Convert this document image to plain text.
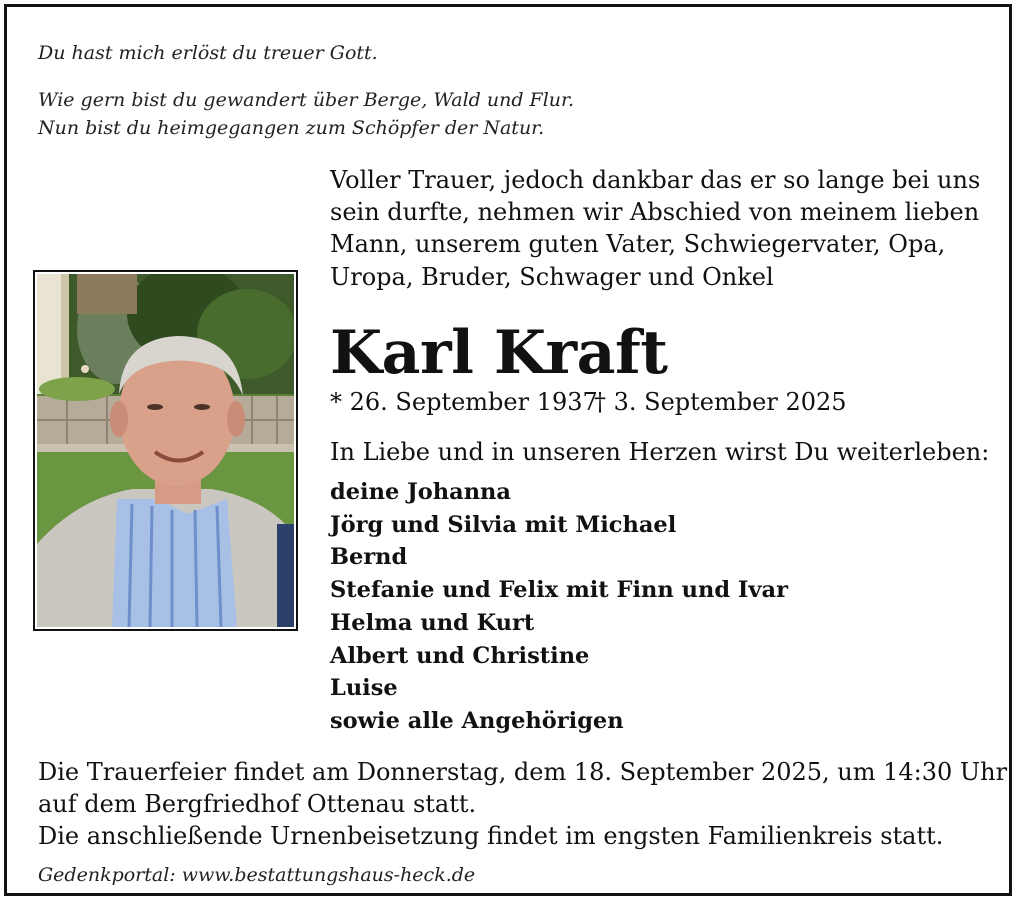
Du hast mich erlöst du treuer Gott.
Wie gern bist du gewandert über Berge, Wald und Flur.
Nun bist du heimgegangen zum Schöpfer der Natur.
Voller Trauer, jedoch dankbar das er so lange bei uns
sein durfte, nehmen wir Abschied von meinem lieben
Mann, unserem guten Vater, Schwiegervater, Opa,
Uropa, Bruder, Schwager und Onkel
Karl Kraft
* 26. September 1937
† 3. September 2025
In Liebe und in unseren Herzen wirst Du weiterleben:
deine Johanna
Jörg und Silvia mit Michael
Bernd
Stefanie und Felix mit Finn und Ivar
Helma und Kurt
Albert und Christine
Luise
sowie alle Angehörigen
Die Trauerfeier findet am Donnerstag, dem 18. September 2025, um 14:30 Uhr
auf dem Bergfriedhof Ottenau statt.
Die anschließende Urnenbeisetzung findet im engsten Familienkreis statt.
Gedenkportal: www.bestattungshaus-heck.de
